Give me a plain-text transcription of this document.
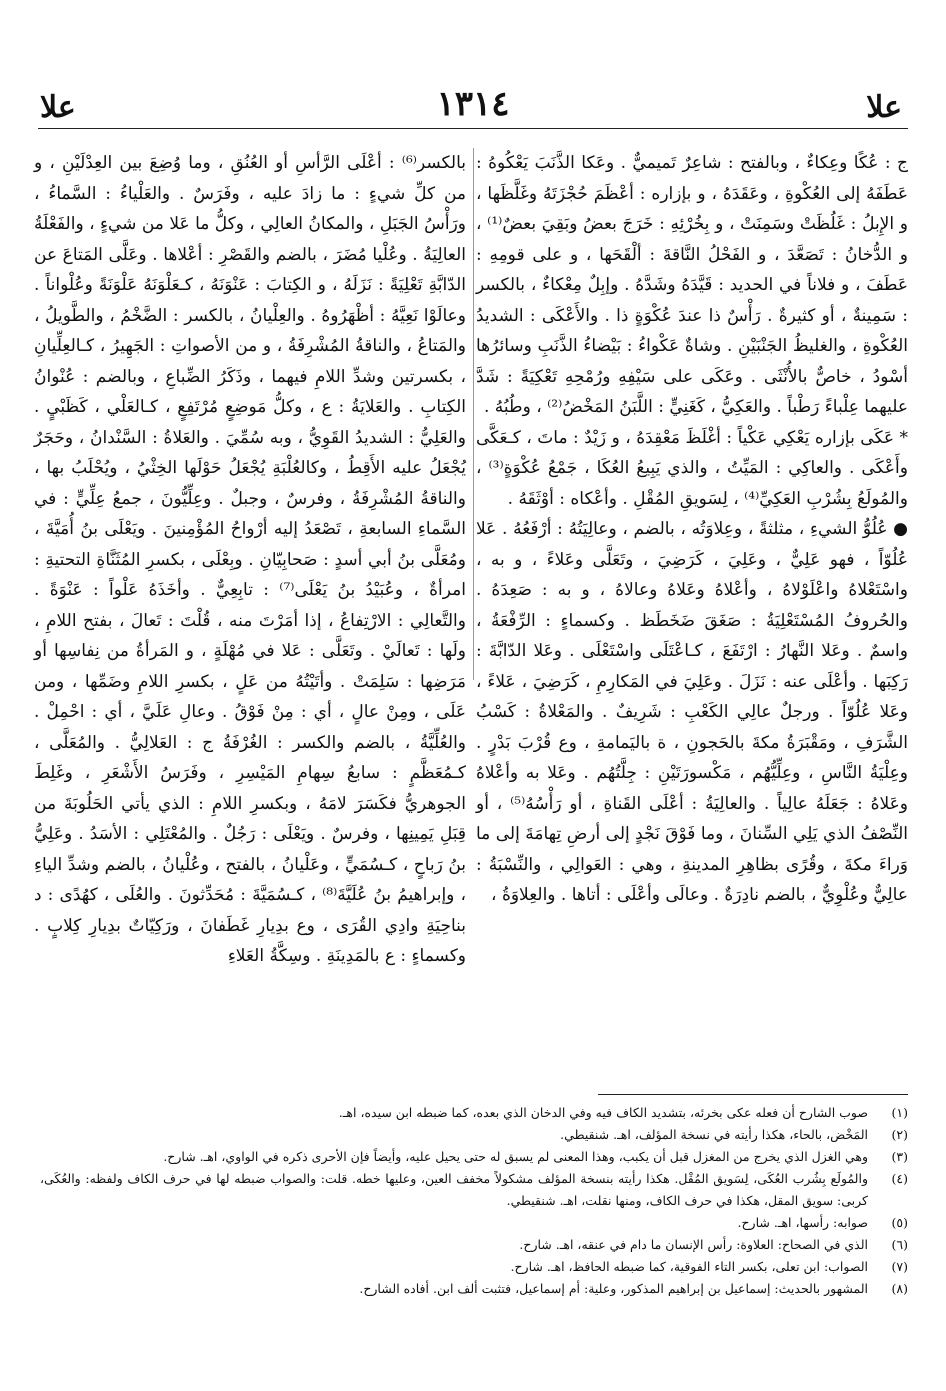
علا
١٣١٤
علا

ج : عُكًا وعِكاءٌ ، وبالفتح : شاعِرٌ تَميميٌّ . وعَكا الذَّنَبَ يَعْكُوهُ : عَطَفَهُ إلى العُكْوةِ ، وعَقَدَهُ ، و بإزاره : أعْظَمَ حُجْزَتَهُ وغَلَّظَها ، و الإِبلُ : غَلُظَتْ وسَمِنَتْ ، و بِخُرْئِهِ : خَرَجَ بعضُ وبَقِيَ بعضٌ⁽¹⁾ ، و الدُّخانُ : تَصَعَّدَ ، و الفَحْلُ النَّاقةَ : ألْقَحَها ، و على قومِهِ : عَطَفَ ، و فلاناً في الحديد : قَيَّدَهُ وشَدَّهُ . وإبِلٌ مِعْكاءٌ ، بالكسر : سَمِينةٌ ، أو كثيرةٌ . رَأْسٌ ذا عندَ عُكْوَةٍ ذا . والأَعْكَى : الشديدُ العُكْوةِ ، والغليظُ الجَنْبَيْنِ . وشاةٌ عَكْواءُ : بَيْضاءُ الذَّنَبِ وسائرُها أسْودُ ، خاصٌّ بالأُنْثَى . وعَكَى على سَيْفِهِ ورُمْحِهِ تَعْكِيَةً : شَدَّ عليهما عِلْباءً رَطْباً . والعَكِيُّ ، كَغَنِيٍّ : اللَّبَنُ المَخْضُ⁽²⁾ ، وطُبُهُ .

* عَكَى بإزاره يَعْكِي عَكْياً : أغْلَظَ مَعْقِدَهُ ، و زَيْدٌ : ماتَ ، كـعَكَّى وأَعْكَى . والعاكِي : المَيِّتُ ، والذي يَبِيعُ العُكَا ، جَمْعُ عُكْوَةٍ⁽³⁾ ، والمُولَعُ بِشُرْبِ العَكِيِّ⁽⁴⁾ ، لِسَويقِ المُقْلِ . وأعْكاه : أوْثَقَهُ .

● عُلُوُّ الشيءِ ، مثلثةً ، وعِلاوَتُه ، بالضم ، وعالِيَتُهُ : أرْفَعُهُ . عَلا عُلُوّاً ، فهو عَلِيٌّ ، وعَلِيَ ، كَرَضِيَ ، وتَعَلَّى وعَلاءً ، و به ، واسْتَعْلاهُ واعْلَوْلاهُ ، وأعْلاهُ وعَلاهُ وعالاهُ ، و به : صَعِدَهُ . والحُروفُ المُسْتَعْلِيَةُ : صَغَقَ ضَخَطَظ . وكسماءٍ : الرِّفْعَةُ ، واسمٌ . وعَلا النَّهارُ : ارْتَفَعَ ، كـاعْتَلَى واسْتَعْلَى . وعَلا الدّابَّةَ : رَكِبَها . وأعْلَى عنه : نَزَلَ . وعَلِيَ في المَكارِمِ ، كَرَضِيَ ، عَلاءً ، وعَلا عُلُوّاً . ورجلٌ عالِي الكَعْبِ : شَرِيفٌ . والمَعْلاةُ : كَسْبُ الشَّرَفِ ، ومَقْبَرَةُ مكةَ بالحَجونِ ، ة باليَمامةِ ، وع قُرْبَ بَدْرٍ . وعِلْيَةُ النَّاسِ ، وعِلِّيُّهُم ، مَكْسورَتَيْنِ : جِلَّتُهُم . وعَلا به وأعْلاهُ وعَلاهُ : جَعَلَهُ عالِياً . والعالِيَةُ : أعْلَى القَناةِ ، أو رَأْسُهُ⁽⁵⁾ ، أو النِّصْفُ الذي يَلِي السِّنانَ ، وما فَوْقَ نَجْدٍ إلى أرضِ تِهامَةَ إلى ما وَراءَ مكةَ ، وقُرًى بظاهِرِ المدينةِ ، وهي : العَوالِي ، والنِّسْبَةُ : عالِيٌّ وعُلْوِيٌّ ، بالضم نادِرَةٌ . وعالَى وأعْلَى : أتاها . والعِلاوَةُ ،

بالكسر⁽⁶⁾ : أعْلَى الرَّأسِ أو العُنُقِ ، وما وُضِعَ بين العِدْلَيْنِ ، و من كلِّ شيءٍ : ما زادَ عليه ، وفَرَسٌ . والعَلْياءُ : السَّماءُ ، ورَأْسُ الجَبَلِ ، والمكانُ العالِي ، وكلُّ ما عَلا من شيءٍ ، والفَعْلَةُ العالِيَةُ . وعُلْيا مُضَرَ ، بالضم والقَصْرِ : أعْلاها . وعَلَّى المَتاعَ عن الدّابَّةِ تَعْلِيَةً : نَزَلَهُ ، و الكِتابَ : عَنْوَنَهُ ، كـعَلْوَنَهُ عَلْوَنَةً وعُلْواناً . وعالَوْا نَعِيَّهُ : أظْهَرُوهُ . والعِلْيانُ ، بالكسر : الضَّخْمُ ، والطَّويلُ ، والمَتاعُ ، والناقةُ المُشْرِفَةُ ، و من الأصواتِ : الجَهِيرُ ، كـالعِلِّيانِ ، بكسرتين وشدِّ اللامِ فيهما ، وذَكَرُ الضِّباعِ ، وبالضم : عُنْوانُ الكِتابِ . والعَلايَةُ : ع ، وكلُّ مَوضِعٍ مُرْتَفِعٍ ، كـالعَلْي ، كَظَبْيٍ . والعَلِيُّ : الشديدُ القَوِيُّ ، وبه سُمِّيَ . والعَلاةُ : السَّنْدانُ ، وحَجَرٌ يُجْعَلُ عليه الأَقِطُ ، وكالعُلْبَةِ يُجْعَلُ حَوْلَها الخِثْيُ ، ويُحْلَبُ بها ، والناقةُ المُشْرِفَةُ ، وفرسٌ ، وجبلٌ . وعِلِّيُّونَ ، جمعُ عِلِّيٍّ : في السَّماءِ السابعةِ ، تَصْعَدُ إليه أرْواحُ المُؤْمِنينَ . ويَعْلَى بنُ أُمَيَّةَ ، ومُعَلَّى بنُ أبي أسدٍ : صَحابِيّانِ . وبِعْلَى ، بكسرِ المُثَنَّاةِ التحتيةِ : امرأةٌ ، وعُبَيْدُ بنُ يَعْلَى⁽⁷⁾ : تابِعِيٌّ . وأخَذَهُ عَلْواً : عَنْوَةً . والتَّعالِي : الارْتِفاعُ ، إذا أمَرْتَ منه ، قُلْتَ : تَعالَ ، بفتح اللامِ ، ولَها : تَعالَيْ . وتَعَلَّى : عَلا في مُهْلَةٍ ، و المَرأةُ من نِفاسِها أو مَرَضِها : سَلِمَتْ . وأتَيْتُهُ من عَلٍ ، بكسرِ اللامِ وضَمِّها ، ومن عَلَى ، ومِنْ عالٍ ، أي : مِنْ فَوْقُ . وعالِ عَلَيَّ ، أي : احْمِلْ . والعُلِّيَّةُ ، بالضم والكسر : الغُرْفَةُ ج : العَلالِيُّ . والمُعَلَّى ، كـمُعَظَّمٍ : سابعُ سِهامِ المَيْسِرِ ، وفَرَسُ الأَشْعَرِ ، وغَلِطَ الجوهريُّ فكَسَرَ لامَهُ ، وبكسرِ اللامِ : الذي يأتي الحَلُوبَةَ من قِبَلِ يَمِينِها ، وفرسٌ . ويَعْلَى : رَجُلٌ . والمُعْتَلِي : الأسَدُ . وعَلِيُّ بنُ رَباحٍ ، كـسُمَيٍّ ، وعَلْيانُ ، بالفتح ، وعُلْيانُ ، بالضم وشدِّ الياءِ ، وإبراهيمُ بنُ عُلَيَّةَ⁽⁸⁾ ، كـسُمَيَّةَ : مُحَدِّثونَ . والعُلَى ، كهُدًى : د بناحِيَةِ وادِي القُرَى ، وع بدِيارِ غَطَفانَ ، ورَكِيّاتٌ بدِيارِ كِلابٍ . وكسماءٍ : ع بالمَدِينَةِ . وسِكَّةُ العَلاءِ

(١)
صوب الشارح أن فعله عكى بخرئه، بتشديد الكاف فيه وفي الدخان الذي بعده، كما ضبطه ابن سيده، اهـ.
(٢)
المَخْض، بالحاء، هكذا رأيته في نسخة المؤلف، اهـ. شنقيطي.
(٣)
وهي الغزل الذي يخرج من المغزل قبل أن يكبب، وهذا المعنى لم يسبق له حتى يحيل عليه، وأيضاً فإن الأحرى ذكره في الواوي، اهـ. شارح.
(٤)
والمُولَع بِشُرب العُكَى، لِسَويق المُقْل. هكذا رأيته بنسخة المؤلف مشكولاً مخفف العين، وعليها خطه. قلت: والصواب ضبطه لها في حرف الكاف ولفظه: والعُكَى، كربى: سويق المقل، هكذا في حرف الكاف، ومنها نقلت، اهـ. شنقيطي.
(٥)
صوابه: رأسها، اهـ. شارح.
(٦)
الذي في الصحاح: العلاوة: رأس الإنسان ما دام في عنقه، اهـ. شارح.
(٧)
الصواب: ابن تعلى، بكسر التاء الفوقية، كما ضبطه الحافظ، اهـ. شارح.
(٨)
المشهور بالحديث: إسماعيل بن إبراهيم المذكور، وعلية: أم إسماعيل، فتثبت ألف ابن. أفاده الشارح.
